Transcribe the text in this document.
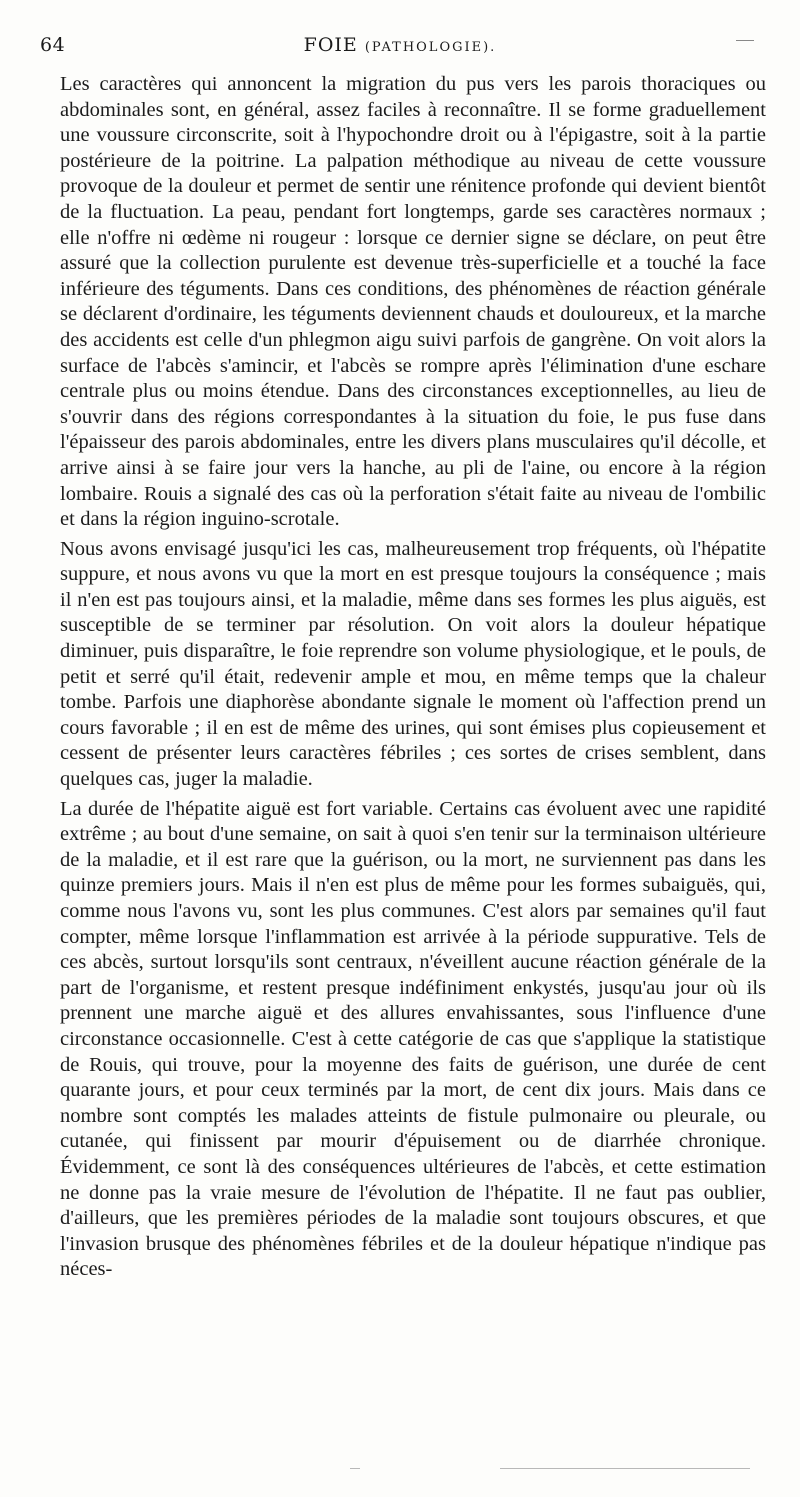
64	FOIE (PATHOLOGIE).

Les caractères qui annoncent la migration du pus vers les parois thoraciques ou abdominales sont, en général, assez faciles à reconnaître. Il se forme graduellement une voussure circonscrite, soit à l'hypochondre droit ou à l'épigastre, soit à la partie postérieure de la poitrine. La palpation méthodique au niveau de cette voussure provoque de la douleur et permet de sentir une rénitence profonde qui devient bientôt de la fluctuation. La peau, pendant fort longtemps, garde ses caractères normaux ; elle n'offre ni œdème ni rougeur : lorsque ce dernier signe se déclare, on peut être assuré que la collection purulente est devenue très-superficielle et a touché la face inférieure des téguments. Dans ces conditions, des phénomènes de réaction générale se déclarent d'ordinaire, les téguments deviennent chauds et douloureux, et la marche des accidents est celle d'un phlegmon aigu suivi parfois de gangrène. On voit alors la surface de l'abcès s'amincir, et l'abcès se rompre après l'élimination d'une eschare centrale plus ou moins étendue. Dans des circonstances exceptionnelles, au lieu de s'ouvrir dans des régions correspondantes à la situation du foie, le pus fuse dans l'épaisseur des parois abdominales, entre les divers plans musculaires qu'il décolle, et arrive ainsi à se faire jour vers la hanche, au pli de l'aine, ou encore à la région lombaire. Rouis a signalé des cas où la perforation s'était faite au niveau de l'ombilic et dans la région inguino-scrotale.

Nous avons envisagé jusqu'ici les cas, malheureusement trop fréquents, où l'hépatite suppure, et nous avons vu que la mort en est presque toujours la conséquence ; mais il n'en est pas toujours ainsi, et la maladie, même dans ses formes les plus aiguës, est susceptible de se terminer par résolution. On voit alors la douleur hépatique diminuer, puis disparaître, le foie reprendre son volume physiologique, et le pouls, de petit et serré qu'il était, redevenir ample et mou, en même temps que la chaleur tombe. Parfois une diaphorèse abondante signale le moment où l'affection prend un cours favorable ; il en est de même des urines, qui sont émises plus copieusement et cessent de présenter leurs caractères fébriles ; ces sortes de crises semblent, dans quelques cas, juger la maladie.

La durée de l'hépatite aiguë est fort variable. Certains cas évoluent avec une rapidité extrême ; au bout d'une semaine, on sait à quoi s'en tenir sur la terminaison ultérieure de la maladie, et il est rare que la guérison, ou la mort, ne surviennent pas dans les quinze premiers jours. Mais il n'en est plus de même pour les formes subaiguës, qui, comme nous l'avons vu, sont les plus communes. C'est alors par semaines qu'il faut compter, même lorsque l'inflammation est arrivée à la période suppurative. Tels de ces abcès, surtout lorsqu'ils sont centraux, n'éveillent aucune réaction générale de la part de l'organisme, et restent presque indéfiniment enkystés, jusqu'au jour où ils prennent une marche aiguë et des allures envahissantes, sous l'influence d'une circonstance occasionnelle. C'est à cette catégorie de cas que s'applique la statistique de Rouis, qui trouve, pour la moyenne des faits de guérison, une durée de cent quarante jours, et pour ceux terminés par la mort, de cent dix jours. Mais dans ce nombre sont comptés les malades atteints de fistule pulmonaire ou pleurale, ou cutanée, qui finissent par mourir d'épuisement ou de diarrhée chronique. Évidemment, ce sont là des conséquences ultérieures de l'abcès, et cette estimation ne donne pas la vraie mesure de l'évolution de l'hépatite. Il ne faut pas oublier, d'ailleurs, que les premières périodes de la maladie sont toujours obscures, et que l'invasion brusque des phénomènes fébriles et de la douleur hépatique n'indique pas néces-
